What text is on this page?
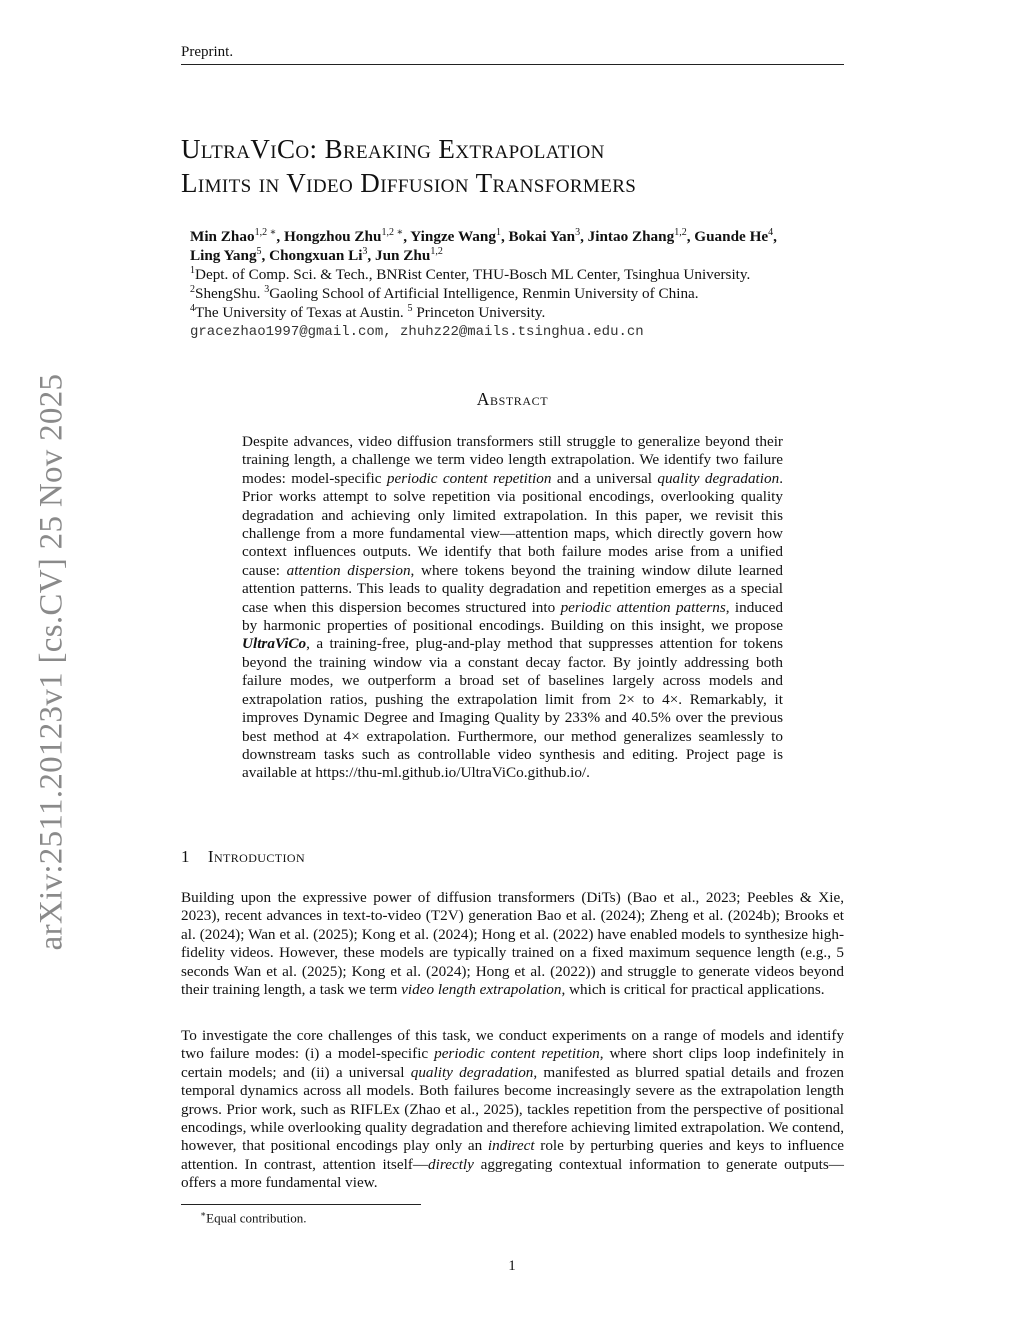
Preprint.
UltraViCo: Breaking Extrapolation
Limits in Video Diffusion Transformers
Min Zhao$^{1,2 ∗}$, Hongzhou Zhu$^{1,2 ∗}$, Yingze Wang$^1$, Bokai Yan$^3$, Jintao Zhang$^{1,2}$, Guande He$^4$, Ling Yang$^5$, Chongxuan Li$^3$, Jun Zhu$^{1,2}$
$^1$Dept. of Comp. Sci. & Tech., BNRist Center, THU-Bosch ML Center, Tsinghua University.
$^2$ShengShu. $^3$Gaoling School of Artificial Intelligence, Renmin University of China.
$^4$The University of Texas at Austin. $^5$ Princeton University.
gracezhao1997@gmail.com, zhuhz22@mails.tsinghua.edu.cn
Abstract

Despite advances, video diffusion transformers still struggle to generalize beyond their training length, a challenge we term video length extrapolation. We identify two failure modes: model-specific periodic content repetition and a universal quality degradation. Prior works attempt to solve repetition via positional encodings, overlooking quality degradation and achieving only limited extrapolation. In this paper, we revisit this challenge from a more fundamental view—attention maps, which directly govern how context influences outputs. We identify that both failure modes arise from a unified cause: attention dispersion, where tokens beyond the training window dilute learned attention patterns. This leads to quality degradation and repetition emerges as a special case when this dispersion becomes structured into periodic attention patterns, induced by harmonic properties of positional encodings. Building on this insight, we propose UltraViCo, a training-free, plug-and-play method that suppresses attention for tokens beyond the training window via a constant decay factor. By jointly addressing both failure modes, we outperform a broad set of baselines largely across models and extrapolation ratios, pushing the extrapolation limit from 2× to 4×. Remarkably, it improves Dynamic Degree and Imaging Quality by 233% and 40.5% over the previous best method at 4× extrapolation. Furthermore, our method generalizes seamlessly to downstream tasks such as controllable video synthesis and editing. Project page is available at https://thu-ml.github.io/UltraViCo.github.io/.

1 Introduction

Building upon the expressive power of diffusion transformers (DiTs) (Bao et al., 2023; Peebles & Xie, 2023), recent advances in text-to-video (T2V) generation Bao et al. (2024); Zheng et al. (2024b); Brooks et al. (2024); Wan et al. (2025); Kong et al. (2024); Hong et al. (2022) have enabled models to synthesize high-fidelity videos. However, these models are typically trained on a fixed maximum sequence length (e.g., 5 seconds Wan et al. (2025); Kong et al. (2024); Hong et al. (2022)) and struggle to generate videos beyond their training length, a task we term video length extrapolation, which is critical for practical applications.

To investigate the core challenges of this task, we conduct experiments on a range of models and identify two failure modes: (i) a model-specific periodic content repetition, where short clips loop indefinitely in certain models; and (ii) a universal quality degradation, manifested as blurred spatial details and frozen temporal dynamics across all models. Both failures become increasingly severe as the extrapolation length grows. Prior work, such as RIFLEx (Zhao et al., 2025), tackles repetition from the perspective of positional encodings, while overlooking quality degradation and therefore achieving limited extrapolation. We contend, however, that positional encodings play only an indirect role by perturbing queries and keys to influence attention. In contrast, attention itself—directly aggregating contextual information to generate outputs—offers a more fundamental view.

∗Equal contribution.
1
arXiv:2511.20123v1 [cs.CV] 25 Nov 2025
